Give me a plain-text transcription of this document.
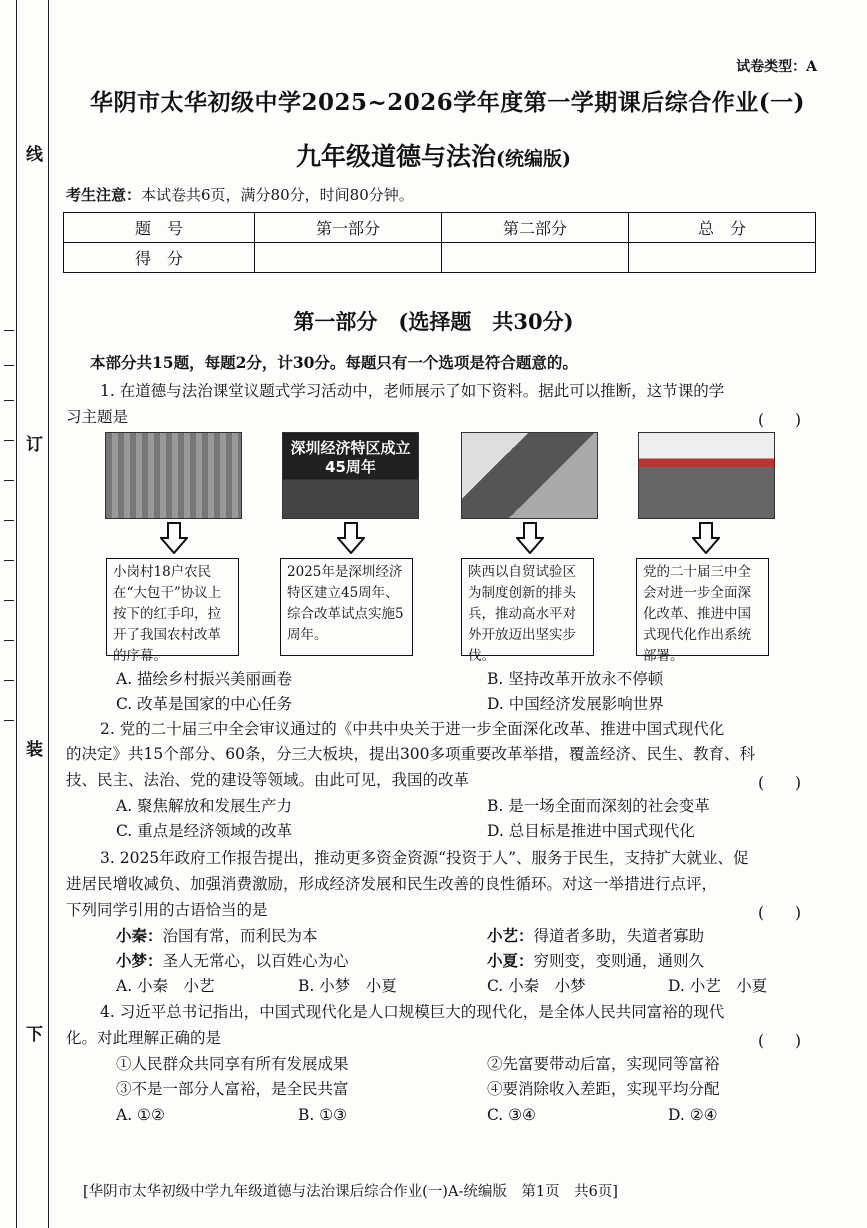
线
订
装
下
试卷类型：A
华阴市太华初级中学2025~2026学年度第一学期课后综合作业(一)
九年级道德与法治(统编版)
考生注意：本试卷共6页，满分80分，时间80分钟。
题　号	第一部分	第二部分	总　分
得　分			
第一部分　(选择题　共30分)
本部分共15题，每题2分，计30分。每题只有一个选项是符合题意的。
1. 在道德与法治课堂议题式学习活动中，老师展示了如下资料。据此可以推断，这节课的学
习主题是	(　　)
深圳经济特区成立45周年
小岗村18户农民在“大包干”协议上按下的红手印，拉开了我国农村改革的序幕。
2025年是深圳经济特区建立45周年、综合改革试点实施5周年。
陕西以自贸试验区为制度创新的排头兵，推动高水平对外开放迈出坚实步伐。
党的二十届三中全会对进一步全面深化改革、推进中国式现代化作出系统部署。
A. 描绘乡村振兴美丽画卷	B. 坚持改革开放永不停顿
C. 改革是国家的中心任务	D. 中国经济发展影响世界
2. 党的二十届三中全会审议通过的《中共中央关于进一步全面深化改革、推进中国式现代化
的决定》共15个部分、60条，分三大板块，提出300多项重要改革举措，覆盖经济、民生、教育、科
技、民主、法治、党的建设等领域。由此可见，我国的改革	(　　)
A. 聚焦解放和发展生产力	B. 是一场全面而深刻的社会变革
C. 重点是经济领域的改革	D. 总目标是推进中国式现代化
3. 2025年政府工作报告提出，推动更多资金资源“投资于人”、服务于民生，支持扩大就业、促
进居民增收减负、加强消费激励，形成经济发展和民生改善的良性循环。对这一举措进行点评，
下列同学引用的古语恰当的是	(　　)
小秦：治国有常，而利民为本	小艺：得道者多助，失道者寡助
小梦：圣人无常心，以百姓心为心	小夏：穷则变，变则通，通则久
A. 小秦　小艺	B. 小梦　小夏	C. 小秦　小梦	D. 小艺　小夏
4. 习近平总书记指出，中国式现代化是人口规模巨大的现代化，是全体人民共同富裕的现代
化。对此理解正确的是	(　　)
①人民群众共同享有所有发展成果	②先富要带动后富，实现同等富裕
③不是一部分人富裕，是全民共富	④要消除收入差距，实现平均分配
A. ①②	B. ①③	C. ③④	D. ②④
[华阴市太华初级中学九年级道德与法治课后综合作业(一)A-统编版　第1页　共6页]
